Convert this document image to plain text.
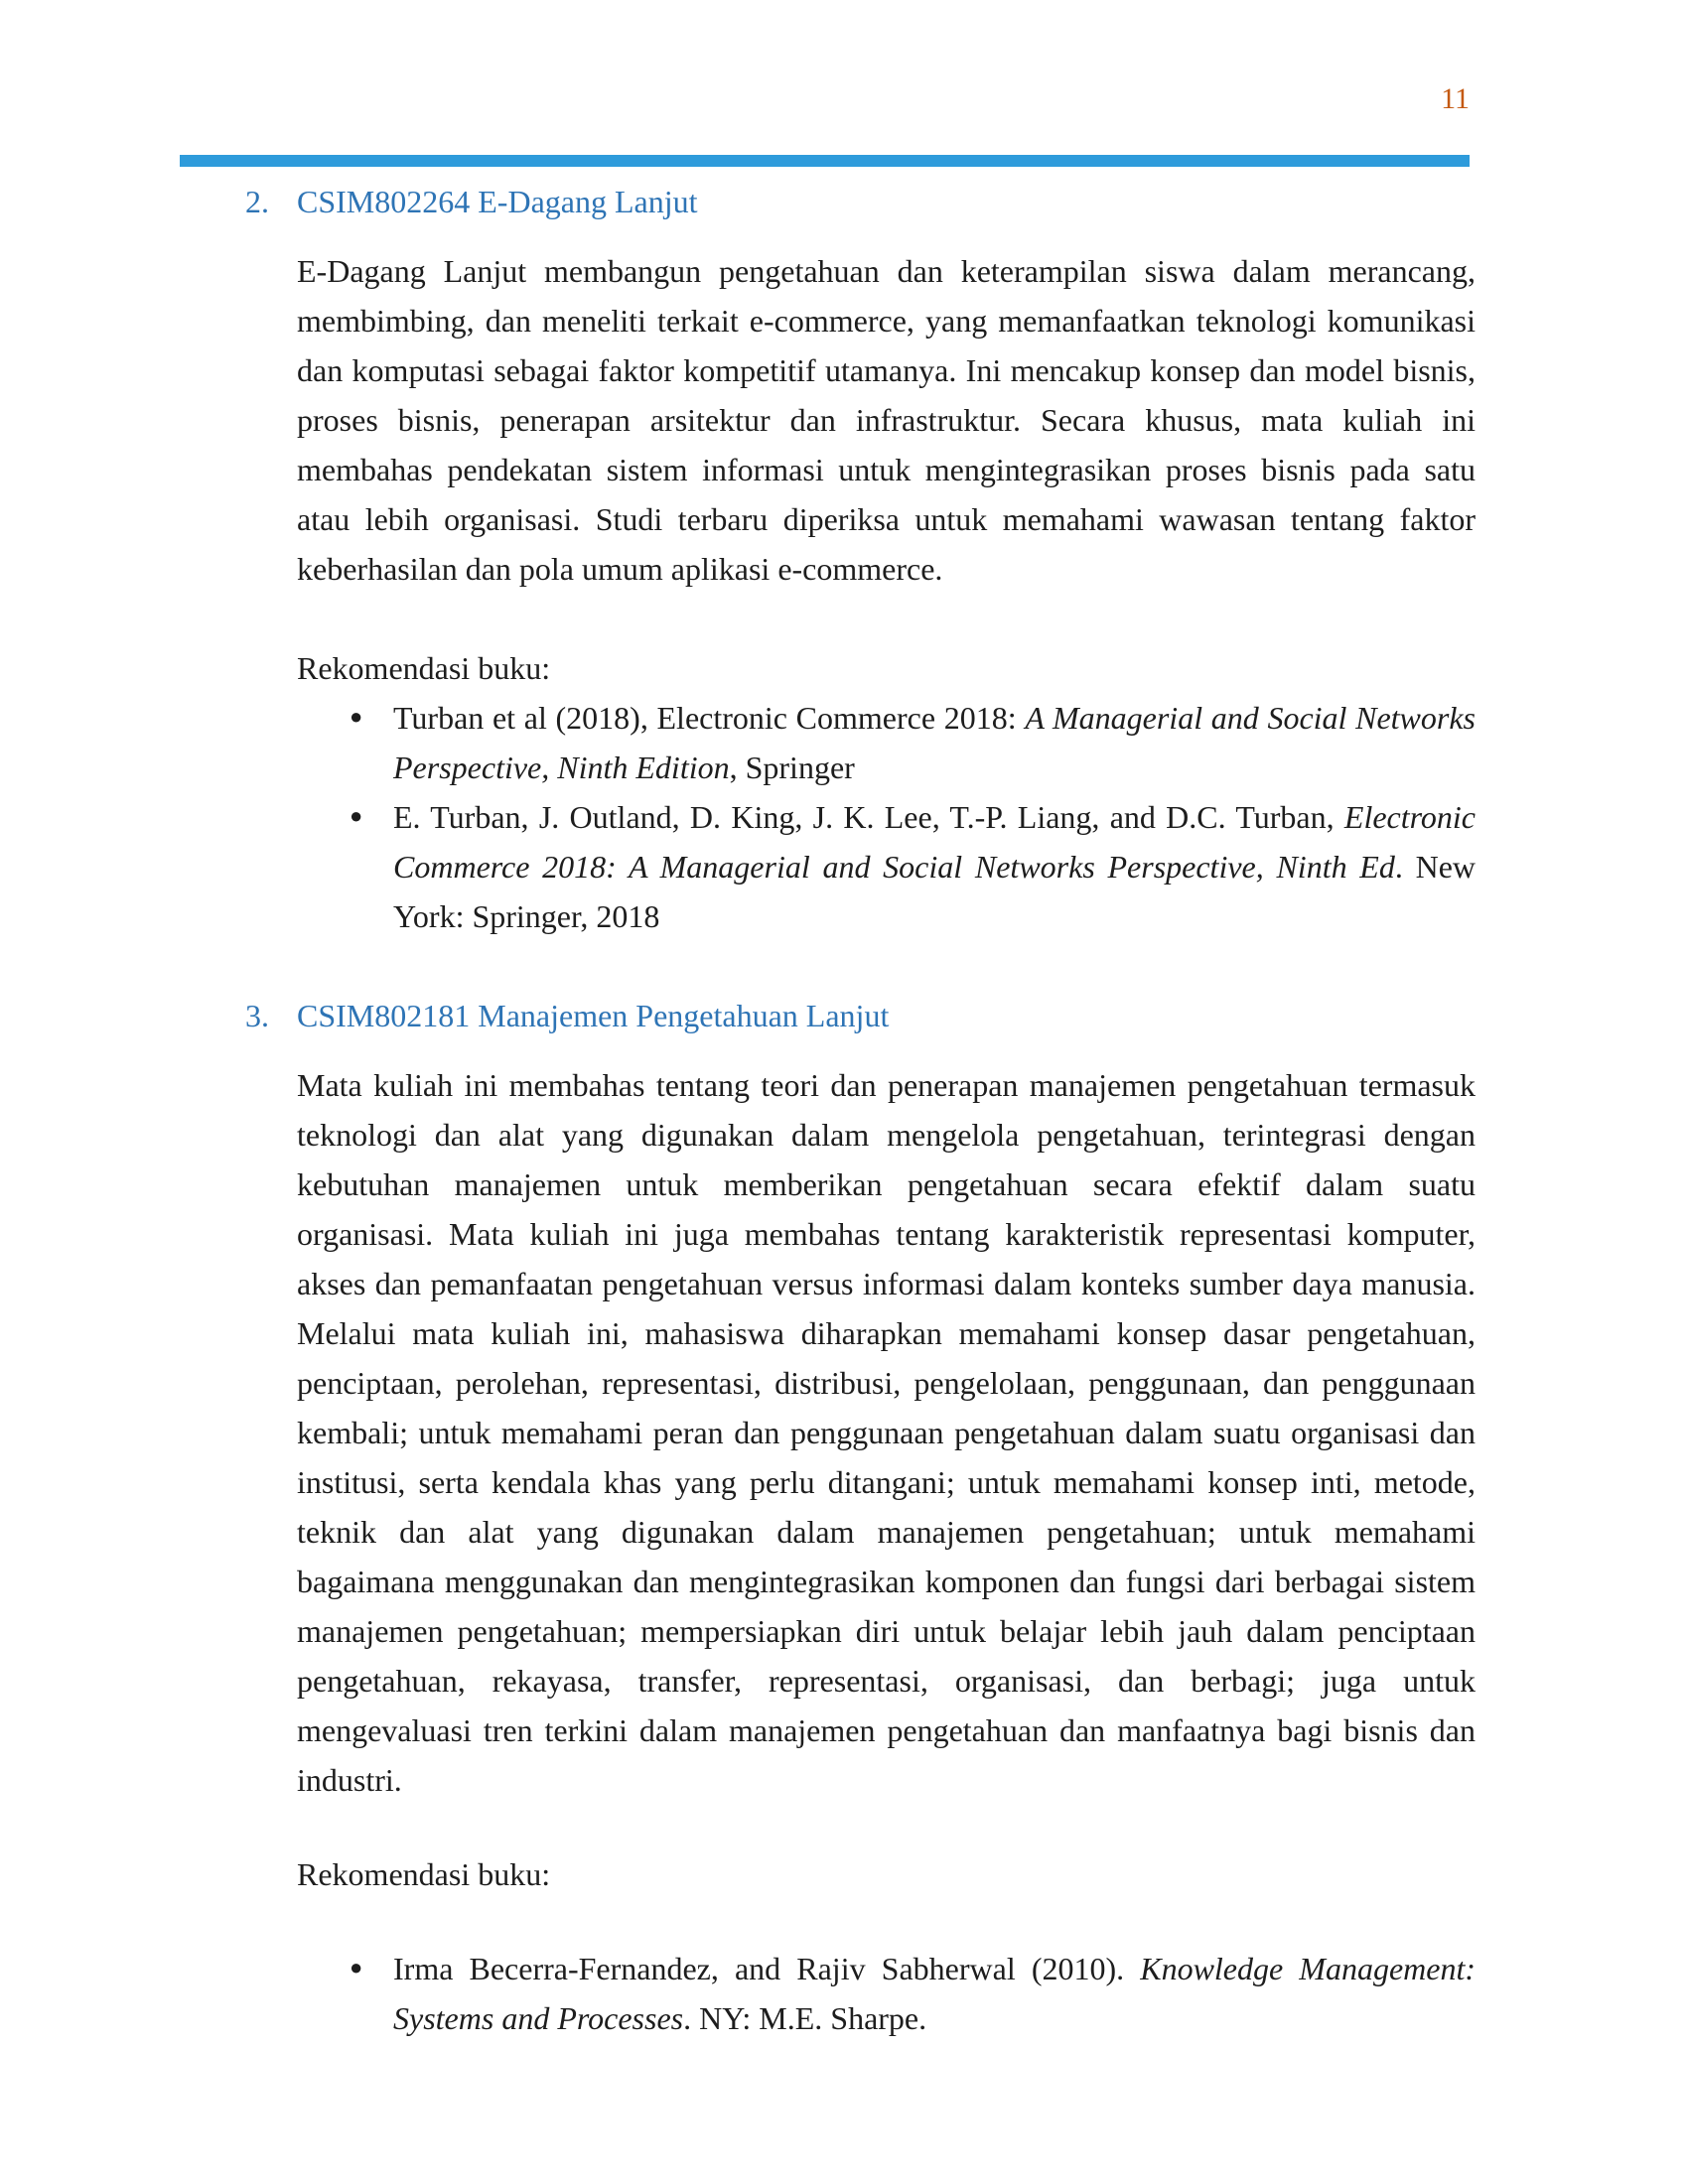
11
2. CSIM802264 E-Dagang Lanjut

E-Dagang Lanjut membangun pengetahuan dan keterampilan siswa dalam merancang, membimbing, dan meneliti terkait e-commerce, yang memanfaatkan teknologi komunikasi dan komputasi sebagai faktor kompetitif utamanya. Ini mencakup konsep dan model bisnis, proses bisnis, penerapan arsitektur dan infrastruktur. Secara khusus, mata kuliah ini membahas pendekatan sistem informasi untuk mengintegrasikan proses bisnis pada satu atau lebih organisasi. Studi terbaru diperiksa untuk memahami wawasan tentang faktor keberhasilan dan pola umum aplikasi e-commerce.

Rekomendasi buku:

● Turban et al (2018), Electronic Commerce 2018: A Managerial and Social Networks Perspective, Ninth Edition, Springer
● E. Turban, J. Outland, D. King, J. K. Lee, T.-P. Liang, and D.C. Turban, Electronic Commerce 2018: A Managerial and Social Networks Perspective, Ninth Ed. New York: Springer, 2018
3. CSIM802181 Manajemen Pengetahuan Lanjut

Mata kuliah ini membahas tentang teori dan penerapan manajemen pengetahuan termasuk teknologi dan alat yang digunakan dalam mengelola pengetahuan, terintegrasi dengan kebutuhan manajemen untuk memberikan pengetahuan secara efektif dalam suatu organisasi. Mata kuliah ini juga membahas tentang karakteristik representasi komputer, akses dan pemanfaatan pengetahuan versus informasi dalam konteks sumber daya manusia. Melalui mata kuliah ini, mahasiswa diharapkan memahami konsep dasar pengetahuan, penciptaan, perolehan, representasi, distribusi, pengelolaan, penggunaan, dan penggunaan kembali; untuk memahami peran dan penggunaan pengetahuan dalam suatu organisasi dan institusi, serta kendala khas yang perlu ditangani; untuk memahami konsep inti, metode, teknik dan alat yang digunakan dalam manajemen pengetahuan; untuk memahami bagaimana menggunakan dan mengintegrasikan komponen dan fungsi dari berbagai sistem manajemen pengetahuan; mempersiapkan diri untuk belajar lebih jauh dalam penciptaan pengetahuan, rekayasa, transfer, representasi, organisasi, dan berbagi; juga untuk mengevaluasi tren terkini dalam manajemen pengetahuan dan manfaatnya bagi bisnis dan industri.

Rekomendasi buku:

● Irma Becerra-Fernandez, and Rajiv Sabherwal (2010). Knowledge Management: Systems and Processes. NY: M.E. Sharpe.
